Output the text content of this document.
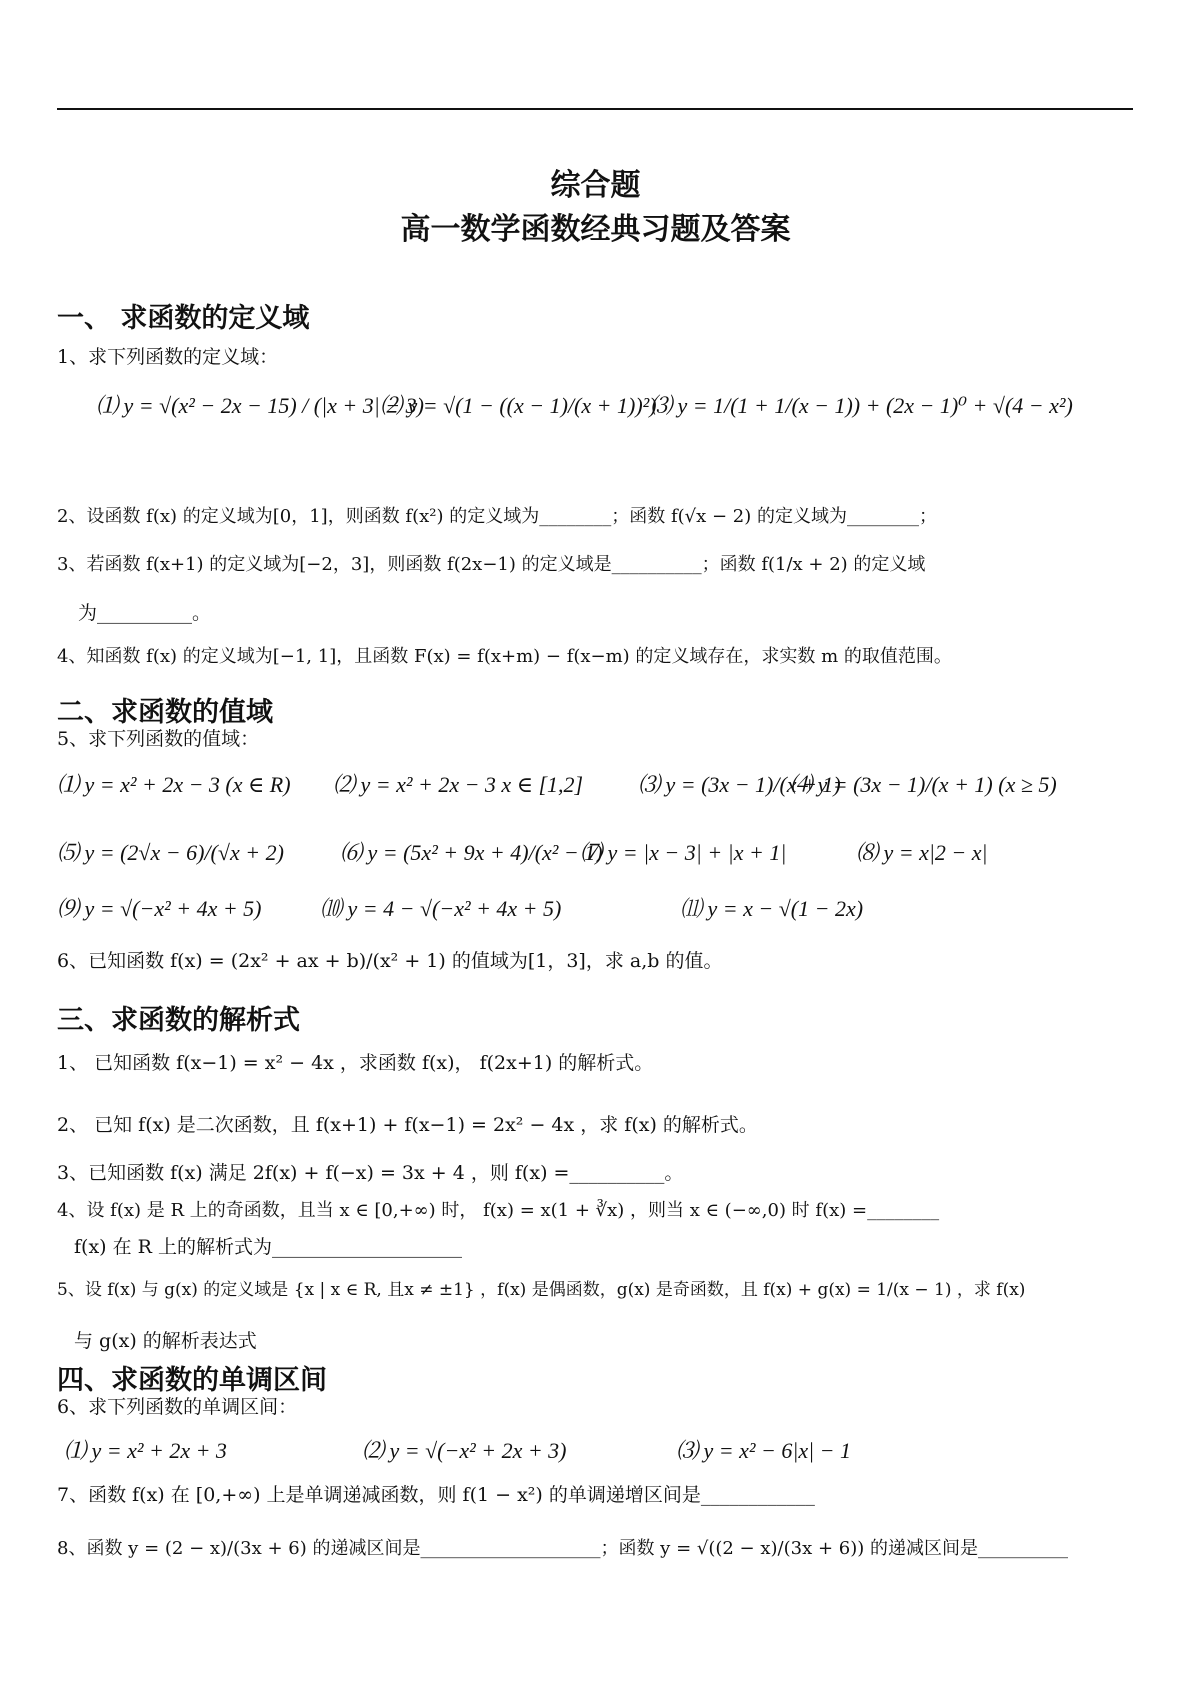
综合题
高一数学函数经典习题及答案
一、 求函数的定义域
1、求下列函数的定义域：
⑴ y = √(x² − 2x − 15) / (|x + 3| − 3)
⑵ y = √(1 − ((x − 1)/(x + 1))²)
⑶ y = 1/(1 + 1/(x − 1)) + (2x − 1)⁰ + √(4 − x²)
2、设函数 f(x) 的定义域为[0，1]，则函数 f(x²) 的定义域为________；函数 f(√x − 2) 的定义域为________；
3、若函数 f(x+1) 的定义域为[−2，3]，则函数 f(2x−1) 的定义域是__________；函数 f(1/x + 2) 的定义域
为__________。
4、知函数 f(x) 的定义域为[−1, 1]，且函数 F(x) = f(x+m) − f(x−m) 的定义域存在，求实数 m 的取值范围。
二、求函数的值域
5、求下列函数的值域：
⑴ y = x² + 2x − 3 (x ∈ R) ⑵ y = x² + 2x − 3 x ∈ [1,2] ⑶ y = (3x − 1)/(x + 1)
⑷ y = (3x − 1)/(x + 1) (x ≥ 5)
⑸ y = (2√x − 6)/(√x + 2)	⑹ y = (5x² + 9x + 4)/(x² − 1)
⑺ y = |x − 3| + |x + 1|	⑻ y = x|2 − x|
⑼ y = √(−x² + 4x + 5)	⑽ y = 4 − √(−x² + 4x + 5)	⑾ y = x − √(1 − 2x)
6、已知函数 f(x) = (2x² + ax + b)/(x² + 1) 的值域为[1，3]，求 a,b 的值。
三、求函数的解析式
1、 已知函数 f(x−1) = x² − 4x ，求函数 f(x)， f(2x+1) 的解析式。
2、 已知 f(x) 是二次函数，且 f(x+1) + f(x−1) = 2x² − 4x ，求 f(x) 的解析式。
3、已知函数 f(x) 满足 2f(x) + f(−x) = 3x + 4 ，则 f(x) =__________。
4、设 f(x) 是 R 上的奇函数，且当 x ∈ [0,+∞) 时， f(x) = x(1 + ∛x) ，则当 x ∈ (−∞,0) 时 f(x) =________
f(x) 在 R 上的解析式为____________________
5、设 f(x) 与 g(x) 的定义域是 {x | x ∈ R, 且x ≠ ±1} ，f(x) 是偶函数，g(x) 是奇函数，且 f(x) + g(x) = 1/(x − 1) ，求 f(x)
与 g(x) 的解析表达式
四、求函数的单调区间
6、求下列函数的单调区间：
⑴ y = x² + 2x + 3	⑵ y = √(−x² + 2x + 3)	⑶ y = x² − 6|x| − 1
7、函数 f(x) 在 [0,+∞) 上是单调递减函数，则 f(1 − x²) 的单调递增区间是____________
8、函数 y = (2 − x)/(3x + 6) 的递减区间是____________________；函数 y = √((2 − x)/(3x + 6)) 的递减区间是__________
